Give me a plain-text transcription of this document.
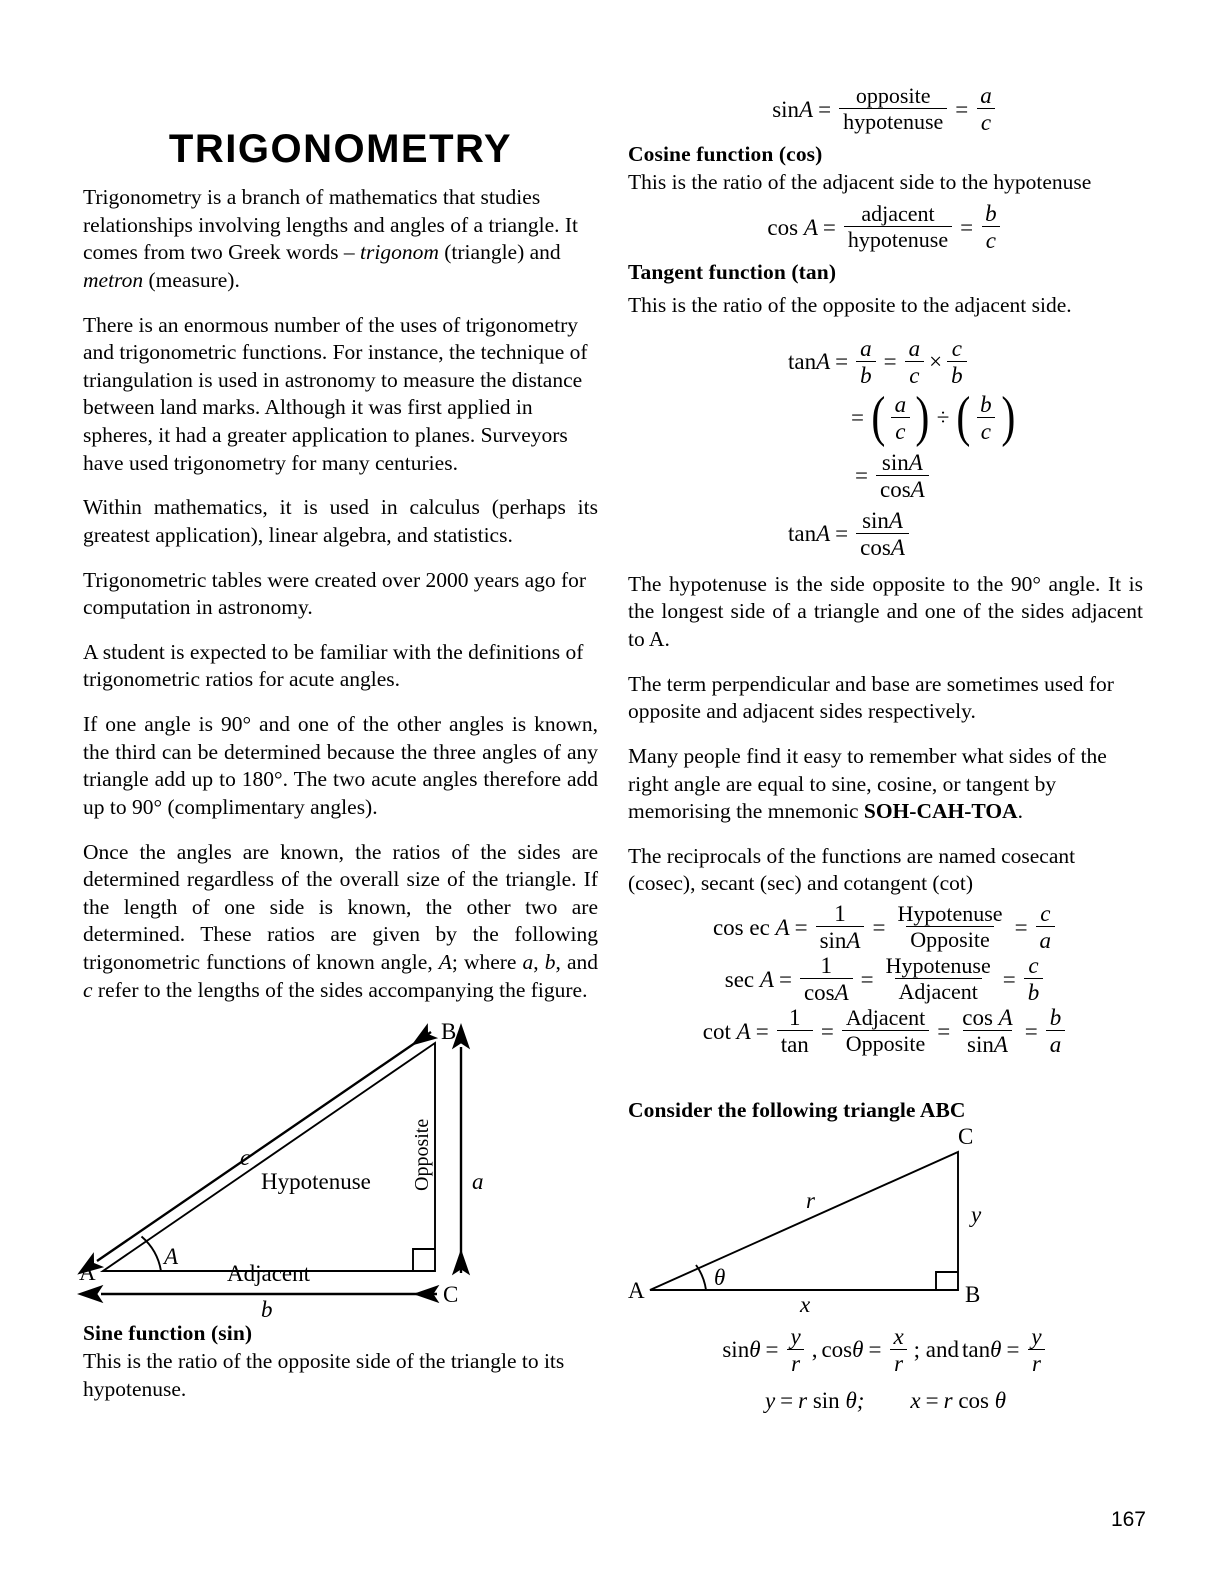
TRIGONOMETRY

Trigonometry is a branch of mathematics that studies relationships involving lengths and angles of a triangle. It comes from two Greek words – trigonom (triangle) and metron (measure).

There is an enormous number of the uses of trigonometry and trigonometric functions. For instance, the technique of triangulation is used in astronomy to measure the distance between land marks. Although it was first applied in spheres, it had a greater application to planes. Surveyors have used trigonometry for many centuries.

Within mathematics, it is used in calculus (perhaps its greatest application), linear algebra, and statistics.

Trigonometric tables were created over 2000 years ago for computation in astronomy.

A student is expected to be familiar with the definitions of trigonometric ratios for acute angles.

If one angle is 90° and one of the other angles is known, the third can be determined because the three angles of any triangle add up to 180°. The two acute angles therefore add up to 90° (complimentary angles).

Once the angles are known, the ratios of the sides are determined regardless of the overall size of the triangle. If the length of one side is known, the other two are determined. These ratios are given by the following trigonometric functions of known angle, A; where a, b, and c refer to the lengths of the sides accompanying the figure.

A
B
C
A
c
a
b
Hypotenuse Opposite
Adjacent
Sine function (sin)

This is the ratio of the opposite side of the triangle to its hypotenuse.

$\sin A = \frac{\text{opposite}}{\text{hypotenuse}} = \frac{a}{c}$
Cosine function (cos)

This is the ratio of the adjacent side to the hypotenuse

cos
$A = \frac{\text{adjacent}}{\text{hypotenuse}} = \frac{b}{c}$
Tangent function (tan)

This is the ratio of the opposite to the adjacent side.

$\tan A = \frac{a}{b} = \frac{a}{c} \times \frac{c}{b}$
= ( $\frac{a}{c}$ ) ÷ ( $\frac{b}{c}$ )
= $\frac{\sin A}{\cos A}$
$\tan A = \frac{\sin A}{\cos A}$

The hypotenuse is the side opposite to the 90° angle. It is the longest side of a triangle and one of the sides adjacent to A.

The term perpendicular and base are sometimes used for opposite and adjacent sides respectively.

Many people find it easy to remember what sides of the right angle are equal to sine, cosine, or tangent by memorising the mnemonic SOH-CAH-TOA.

The reciprocals of the functions are named cosecant (cosec), secant (sec) and cotangent (cot)

cos ec
$A = \frac{1}{\sin A} = \frac{\text{Hypotenuse}}{\text{Opposite}} = \frac{c}{a}$
sec
$A = \frac{1}{\cos A} = \frac{\text{Hypotenuse}}{\text{Adjacent}} = \frac{c}{b}$
cot
$A = \frac{1}{\tan} = \frac{\text{Adjacent}}{\text{Opposite}} = \frac{\text{cos A}}{\sin A} = \frac{b}{a}$
Consider the following triangle ABC
A	B
C
θ
r
x
y
$\sin \theta = \frac{y}{r}$ , $\cos \theta = \frac{x}{r}$ ; and $\tan \theta = \frac{y}{r}$
y = r
sin
θ; x = r
cos
θ
167
